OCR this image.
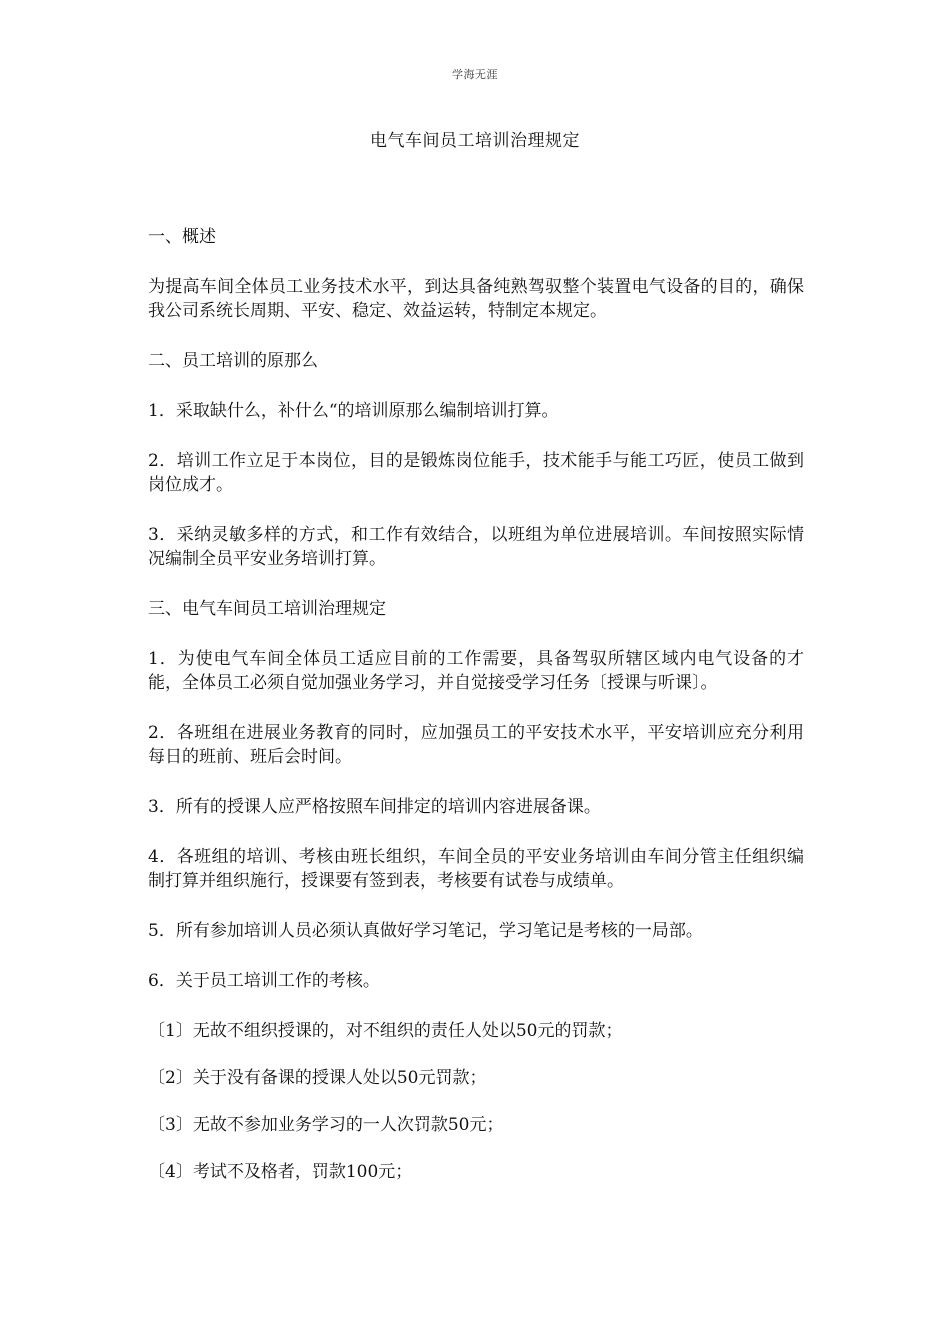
学海无涯
电气车间员工培训治理规定

一、概述

为提高车间全体员工业务技术水平，到达具备纯熟驾驭整个装置电气设备的目的，确保我公司系统长周期、平安、稳定、效益运转，特制定本规定。

二、员工培训的原那么

1．采取缺什么，补什么“的培训原那么编制培训打算。

2．培训工作立足于本岗位，目的是锻炼岗位能手，技术能手与能工巧匠，使员工做到岗位成才。

3．采纳灵敏多样的方式，和工作有效结合，以班组为单位进展培训。车间按照实际情况编制全员平安业务培训打算。

三、电气车间员工培训治理规定

1．为使电气车间全体员工适应目前的工作需要，具备驾驭所辖区域内电气设备的才能，全体员工必须自觉加强业务学习，并自觉接受学习任务〔授课与听课〕。

2．各班组在进展业务教育的同时，应加强员工的平安技术水平，平安培训应充分利用每日的班前、班后会时间。

3．所有的授课人应严格按照车间排定的培训内容进展备课。

4．各班组的培训、考核由班长组织，车间全员的平安业务培训由车间分管主任组织编制打算并组织施行，授课要有签到表，考核要有试卷与成绩单。

5．所有参加培训人员必须认真做好学习笔记，学习笔记是考核的一局部。

6．关于员工培训工作的考核。

〔1〕无故不组织授课的，对不组织的责任人处以50元的罚款；

〔2〕关于没有备课的授课人处以50元罚款；

〔3〕无故不参加业务学习的一人次罚款50元；

〔4〕考试不及格者，罚款100元；
